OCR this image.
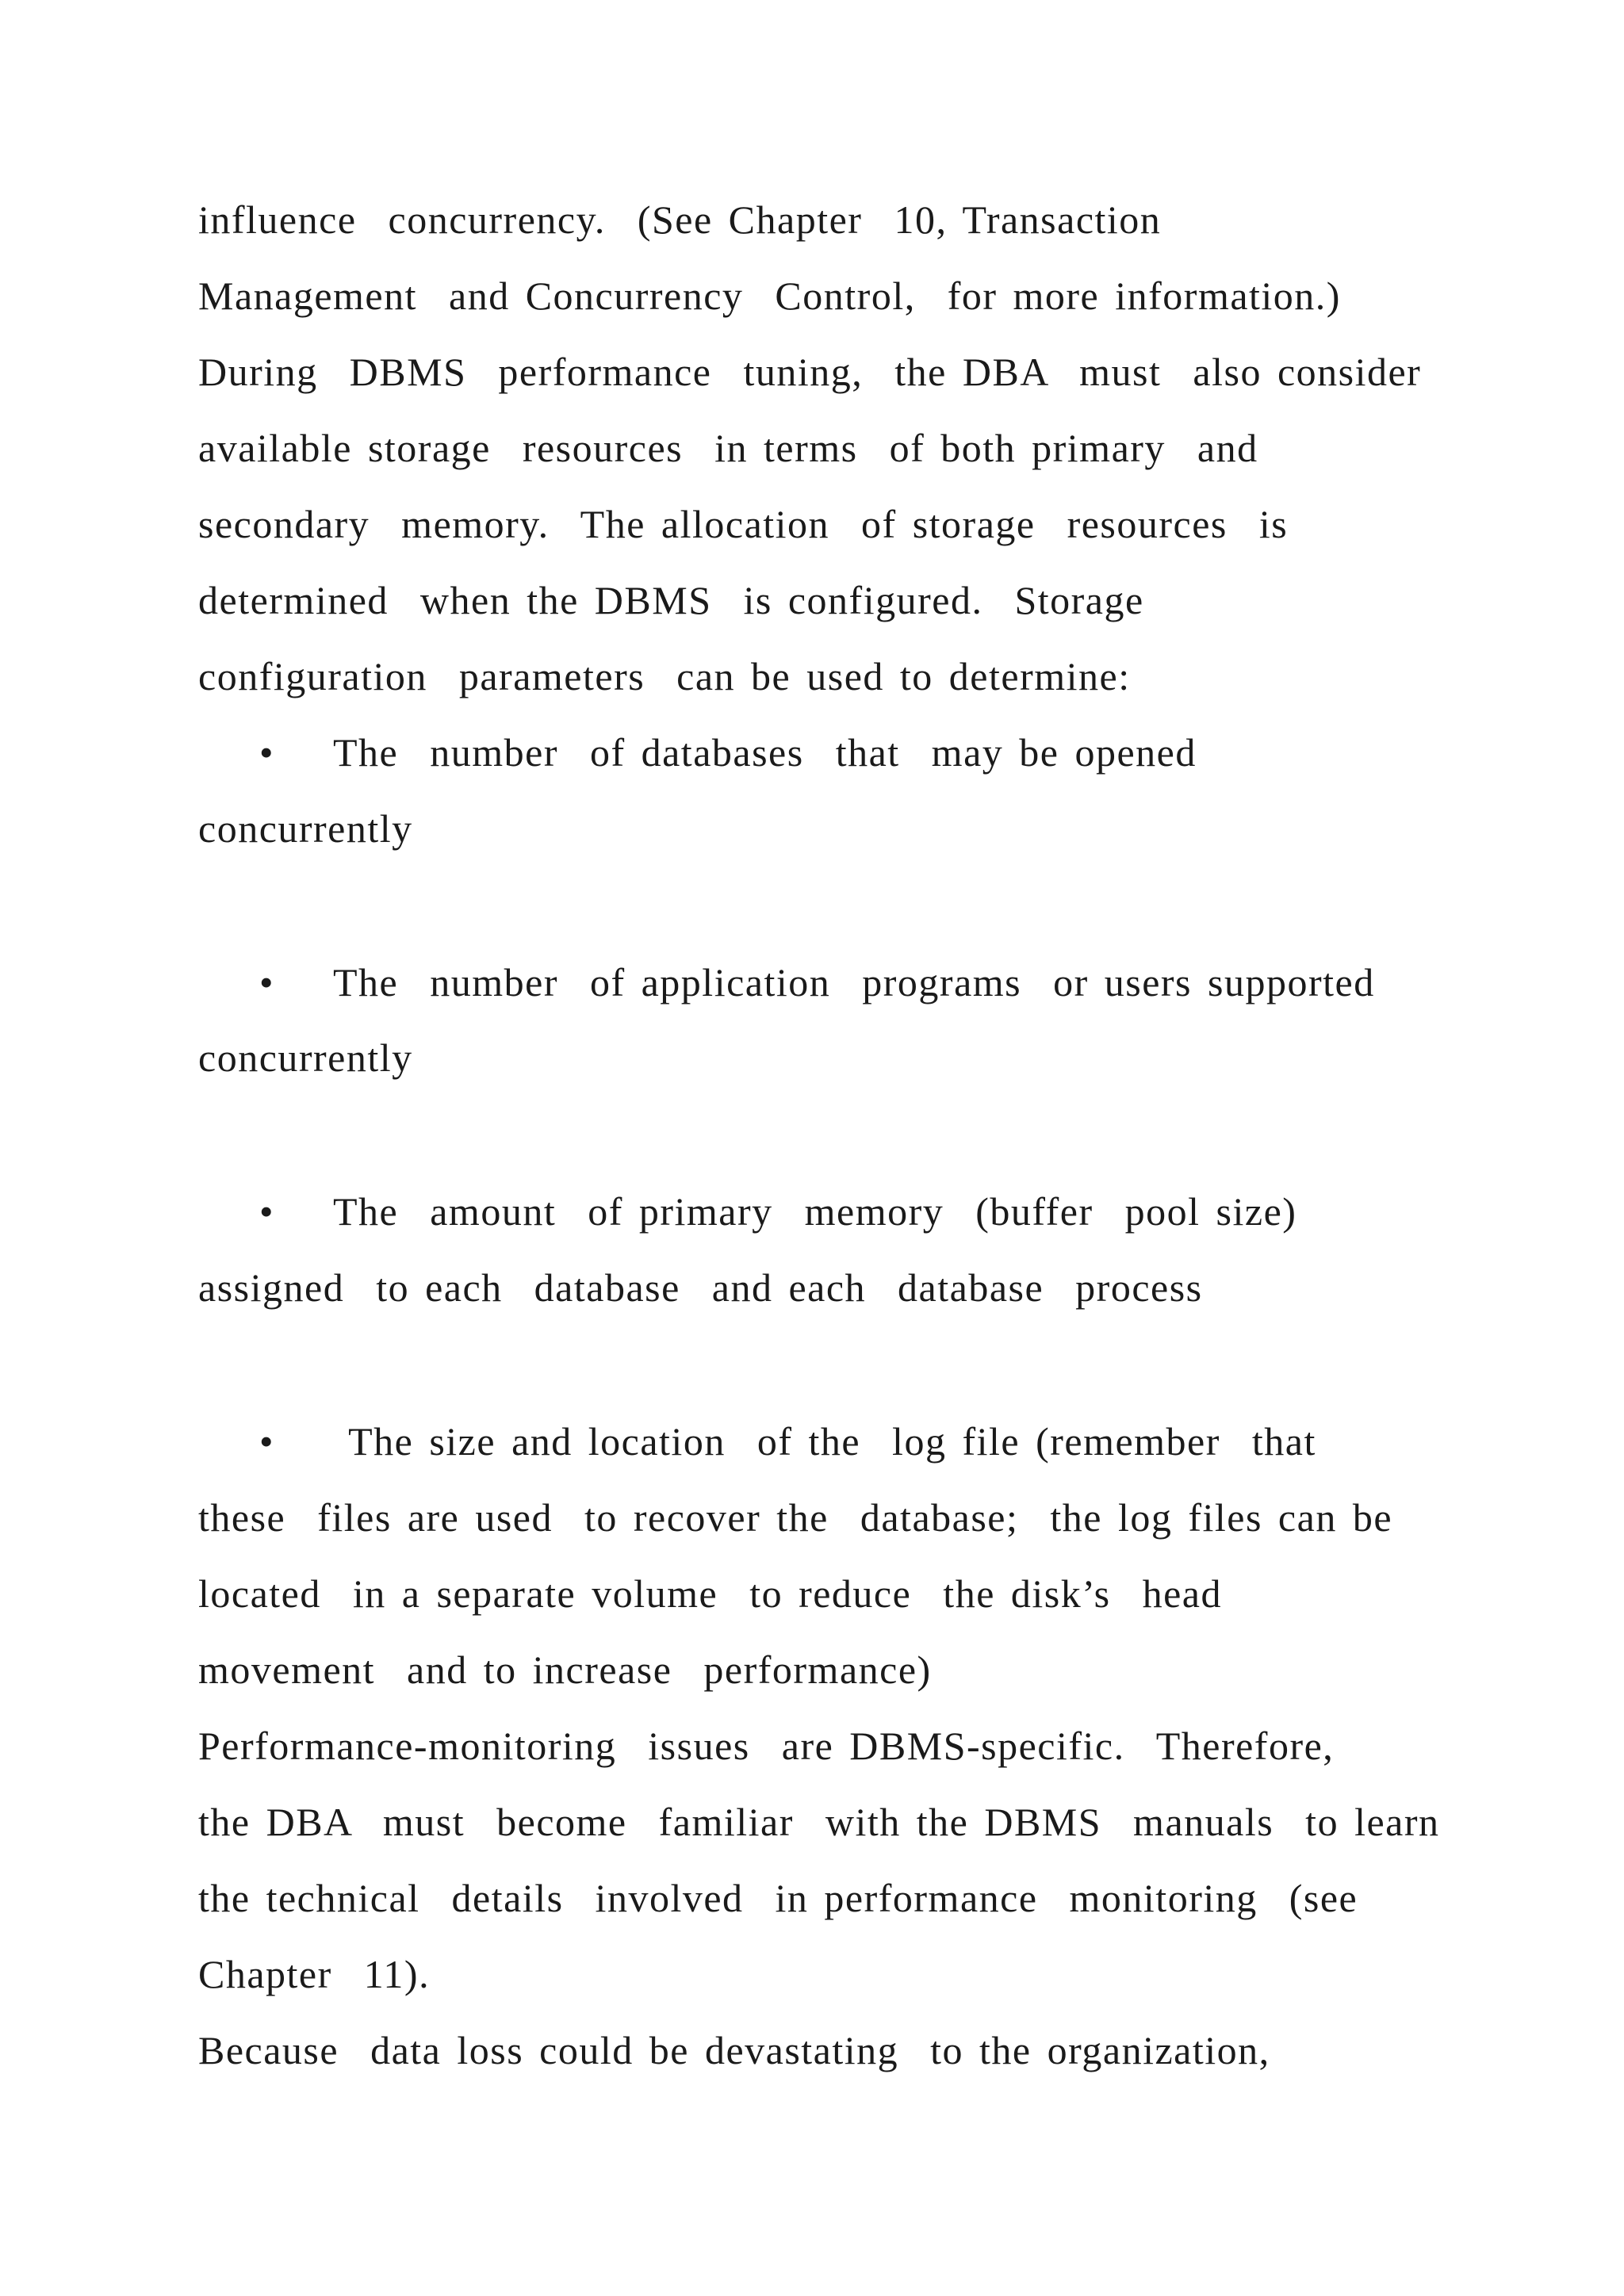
influence  concurrency.  (See Chapter  10, Transaction

Management  and Concurrency  Control,  for more information.)

During  DBMS  performance  tuning,  the DBA  must  also consider

available storage  resources  in terms  of both primary  and

secondary  memory.  The allocation  of storage  resources  is

determined  when the DBMS  is configured.  Storage

configuration  parameters  can be used to determine:

• The  number  of databases  that  may be opened

concurrently

• The  number  of application  programs  or users supported

concurrently

• The  amount  of primary  memory  (buffer  pool size)

assigned  to each  database  and each  database  process

• The size and location  of the  log file (remember  that

these  files are used  to recover the  database;  the log files can be

located  in a separate volume  to reduce  the disk’s  head

movement  and to increase  performance)

Performance-monitoring  issues  are DBMS-specific.  Therefore,

the DBA  must  become  familiar  with the DBMS  manuals  to learn

the technical  details  involved  in performance  monitoring  (see

Chapter  11).

Because  data loss could be devastating  to the organization,
